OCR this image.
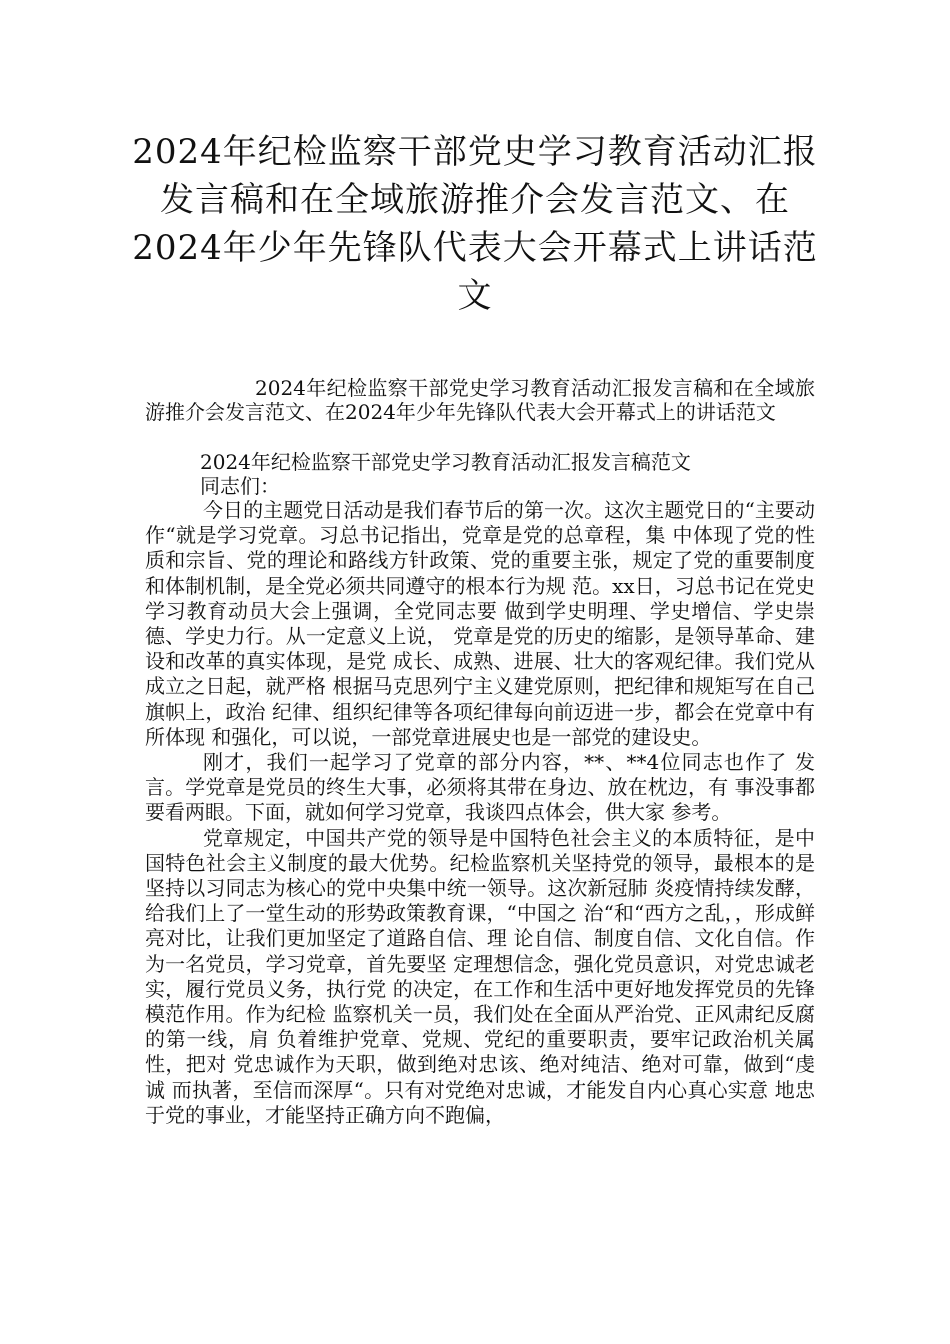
2024年纪检监察干部党史学习教育活动汇报发言稿和在全域旅游推介会发言范文、在2024年少年先锋队代表大会开幕式上讲话范文

2024年纪检监察干部党史学习教育活动汇报发言稿和在全域旅游推介会发言范文、在2024年少年先锋队代表大会开幕式上的讲话范文

2024年纪检监察干部党史学习教育活动汇报发言稿范文

同志们：

今日的主题党日活动是我们春节后的第一次。这次主题党日的“主要动作“就是学习党章。习总书记指出，党章是党的总章程，集 中体现了党的性质和宗旨、党的理论和路线方针政策、党的重要主张，规定了党的重要制度和体制机制，是全党必须共同遵守的根本行为规 范。xx日，习总书记在党史学习教育动员大会上强调，全党同志要 做到学史明理、学史增信、学史崇德、学史力行。从一定意义上说， 党章是党的历史的缩影，是领导革命、建设和改革的真实体现，是党 成长、成熟、进展、壮大的客观纪律。我们党从成立之日起，就严格 根据马克思列宁主义建党原则，把纪律和规矩写在自己旗帜上，政治 纪律、组织纪律等各项纪律每向前迈进一步，都会在党章中有所体现 和强化，可以说，一部党章进展史也是一部党的建设史。

刚才，我们一起学习了党章的部分内容，**、**4位同志也作了 发言。学党章是党员的终生大事，必须将其带在身边、放在枕边，有 事没事都要看两眼。下面，就如何学习党章，我谈四点体会，供大家 参考。

党章规定，中国共产党的领导是中国特色社会主义的本质特征，是中国特色社会主义制度的最大优势。纪检监察机关坚持党的领导，最根本的是坚持以习同志为核心的党中央集中统一领导。这次新冠肺 炎疫情持续发酵，给我们上了一堂生动的形势政策教育课，“中国之 治“和“西方之乱，，形成鲜亮对比，让我们更加坚定了道路自信、理 论自信、制度自信、文化自信。作为一名党员，学习党章，首先要坚 定理想信念，强化党员意识，对党忠诚老实，履行党员义务，执行党 的决定，在工作和生活中更好地发挥党员的先锋模范作用。作为纪检 监察机关一员，我们处在全面从严治党、正风肃纪反腐的第一线，肩 负着维护党章、党规、党纪的重要职责，要牢记政治机关属性，把对 党忠诚作为天职，做到绝对忠该、绝对纯洁、绝对可靠，做到“虔诚 而执著，至信而深厚“。只有对党绝对忠诚，才能发自内心真心实意 地忠于党的事业，才能坚持正确方向不跑偏，
